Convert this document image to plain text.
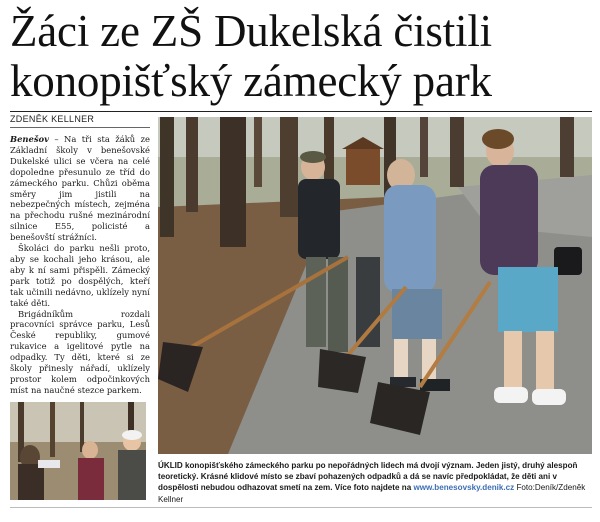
Žáci ze ZŠ Dukelská čistili
konopišťský zámecký park
ZDENĚK KELLNER

Benešov – Na tři sta žáků ze Základní školy v benešovské Dukelské ulici se včera na celé dopoledne přesunulo ze tříd do zámeckého parku. Chůzi oběma směry jim jistili na nebezpečných místech, zejména na přechodu rušné mezinárodní silnice E55, policisté a benešovští strážníci.

Školáci do parku nešli proto, aby se kochali jeho krásou, ale aby k ní sami přispěli. Zámecký park totiž po dospělých, kteří tak učinili nedávno, uklízely nyní také děti.

Brigádníkům rozdali pracovníci správce parku, Lesů České republiky, gumové rukavice a igelitové pytle na odpadky. Ty děti, které si ze školy přinesly nářadí, uklízely prostor kolem odpočinkových míst na naučné stezce parkem.

ÚKLID konopišťského zámeckého parku po nepořádných lidech má dvojí význam. Jeden jistý, druhý alespoň teoretický. Krásné klidové místo se zbaví pohazených odpadků a dá se navíc předpokládat, že děti ani v dospělosti nebudou odhazovat smetí na zem. Více foto najdete na www.benesovsky.denik.cz Foto:Deník/Zdeněk Kellner
